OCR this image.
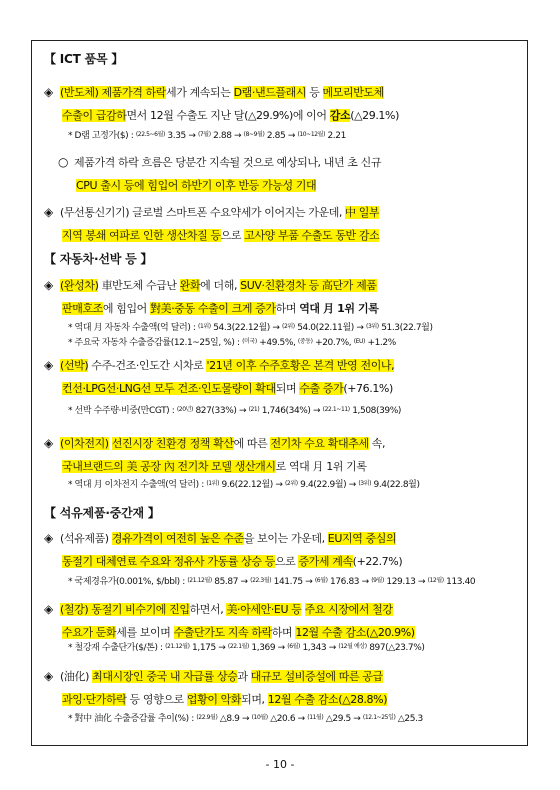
【 ICT 품목 】
◈ (반도체) 제품가격 하락세가 계속되는 D램·낸드플래시 등 메모리반도체
수출이 급감하면서 12월 수출도 지난 달(△29.9%)에 이어 감소(△29.1%)
* D램 고정가($) : $^{(22.5\sim 6월)}$ 3.35 → $^{(7월)}$ 2.88 → $^{(8\sim 9월)}$ 2.85 → $^{(10\sim 12월)}$ 2.21
○ 제품가격 하락 흐름은 당분간 지속될 것으로 예상되나, 내년 초 신규
CPU 출시 등에 힘입어 하반기 이후 반등 가능성 기대
◈ (무선통신기기) 글로벌 스마트폰 수요약세가 이어지는 가운데, 中 일부
지역 봉쇄 여파로 인한 생산차질 등으로 고사양 부품 수출도 동반 감소
【 자동차·선박 등 】
◈ (완성차) 車반도체 수급난 완화에 더해, SUV·친환경차 등 高단가 제품
판매호조에 힘입어 對美·중동 수출이 크게 증가하며 역대 月 1위 기록
* 역대 月 자동차 수출액(억 달러) : $^{(1위)}$ 54.3(22.12월) → $^{(2위)}$ 54.0(22.11월) → $^{(3위)}$ 51.3(22.7월)
* 주요국 자동차 수출증감률(12.1~25일, %) : $^{(미국)}$ +49.5%, $^{(중동)}$ +20.7%, $^{(EU)}$ +1.2%
◈ (선박) 수주-건조·인도간 시차로 '21년 이후 수주호황은 본격 반영 전이나,
컨선·LPG선·LNG선 모두 건조·인도물량이 확대되며 수출 증가(+76.1%)
* 선박 수주량·비중(만CGT) : $^{(20년)}$ 827(33%) → $^{(21)}$ 1,746(34%) → $^{(22.1\sim 11)}$ 1,508(39%)
◈ (이차전지) 선진시장 친환경 정책 확산에 따른 전기차 수요 확대추세 속,
국내브랜드의 美 공장 內 전기차 모델 생산개시로 역대 月 1위 기록
* 역대 月 이차전지 수출액(억 달러) : $^{(1위)}$ 9.6(22.12월) → $^{(2위)}$ 9.4(22.9월) → $^{(3위)}$ 9.4(22.8월)
【 석유제품·중간재 】
◈ (석유제품) 경유가격이 여전히 높은 수준을 보이는 가운데, EU지역 중심의
동절기 대체연료 수요와 정유사 가동률 상승 등으로 증가세 계속(+22.7%)
* 국제경유가(0.001%, $/bbl) : $^{(21.12월)}$ 85.87 → $^{(22.3월)}$ 141.75 → $^{(6월)}$ 176.83 → $^{(9월)}$ 129.13 → $^{(12월)}$ 113.40
◈ (철강) 동절기 비수기에 진입하면서, 美·아세안·EU 등 주요 시장에서 철강
수요가 둔화세를 보이며 수출단가도 지속 하락하며 12월 수출 감소(△20.9%)
* 철강재 수출단가($/톤) : $^{(21.12월)}$ 1,175 → $^{(22.1월)}$ 1,369 → $^{(6월)}$ 1,343 → $^{(12월 예상)}$ 897(△23.7%)
◈ (油化) 최대시장인 중국 내 자급률 상승과 대규모 설비증설에 따른 공급
과잉·단가하락 등 영향으로 업황이 악화되며, 12월 수출 감소(△28.8%)
* 對中 油化 수출증감률 추이(%) : $^{(22.9월)}$ △8.9 → $^{(10월)}$ △20.6 → $^{(11월)}$ △29.5 → $^{(12.1\sim 25일)}$ △25.3
- 10 -
